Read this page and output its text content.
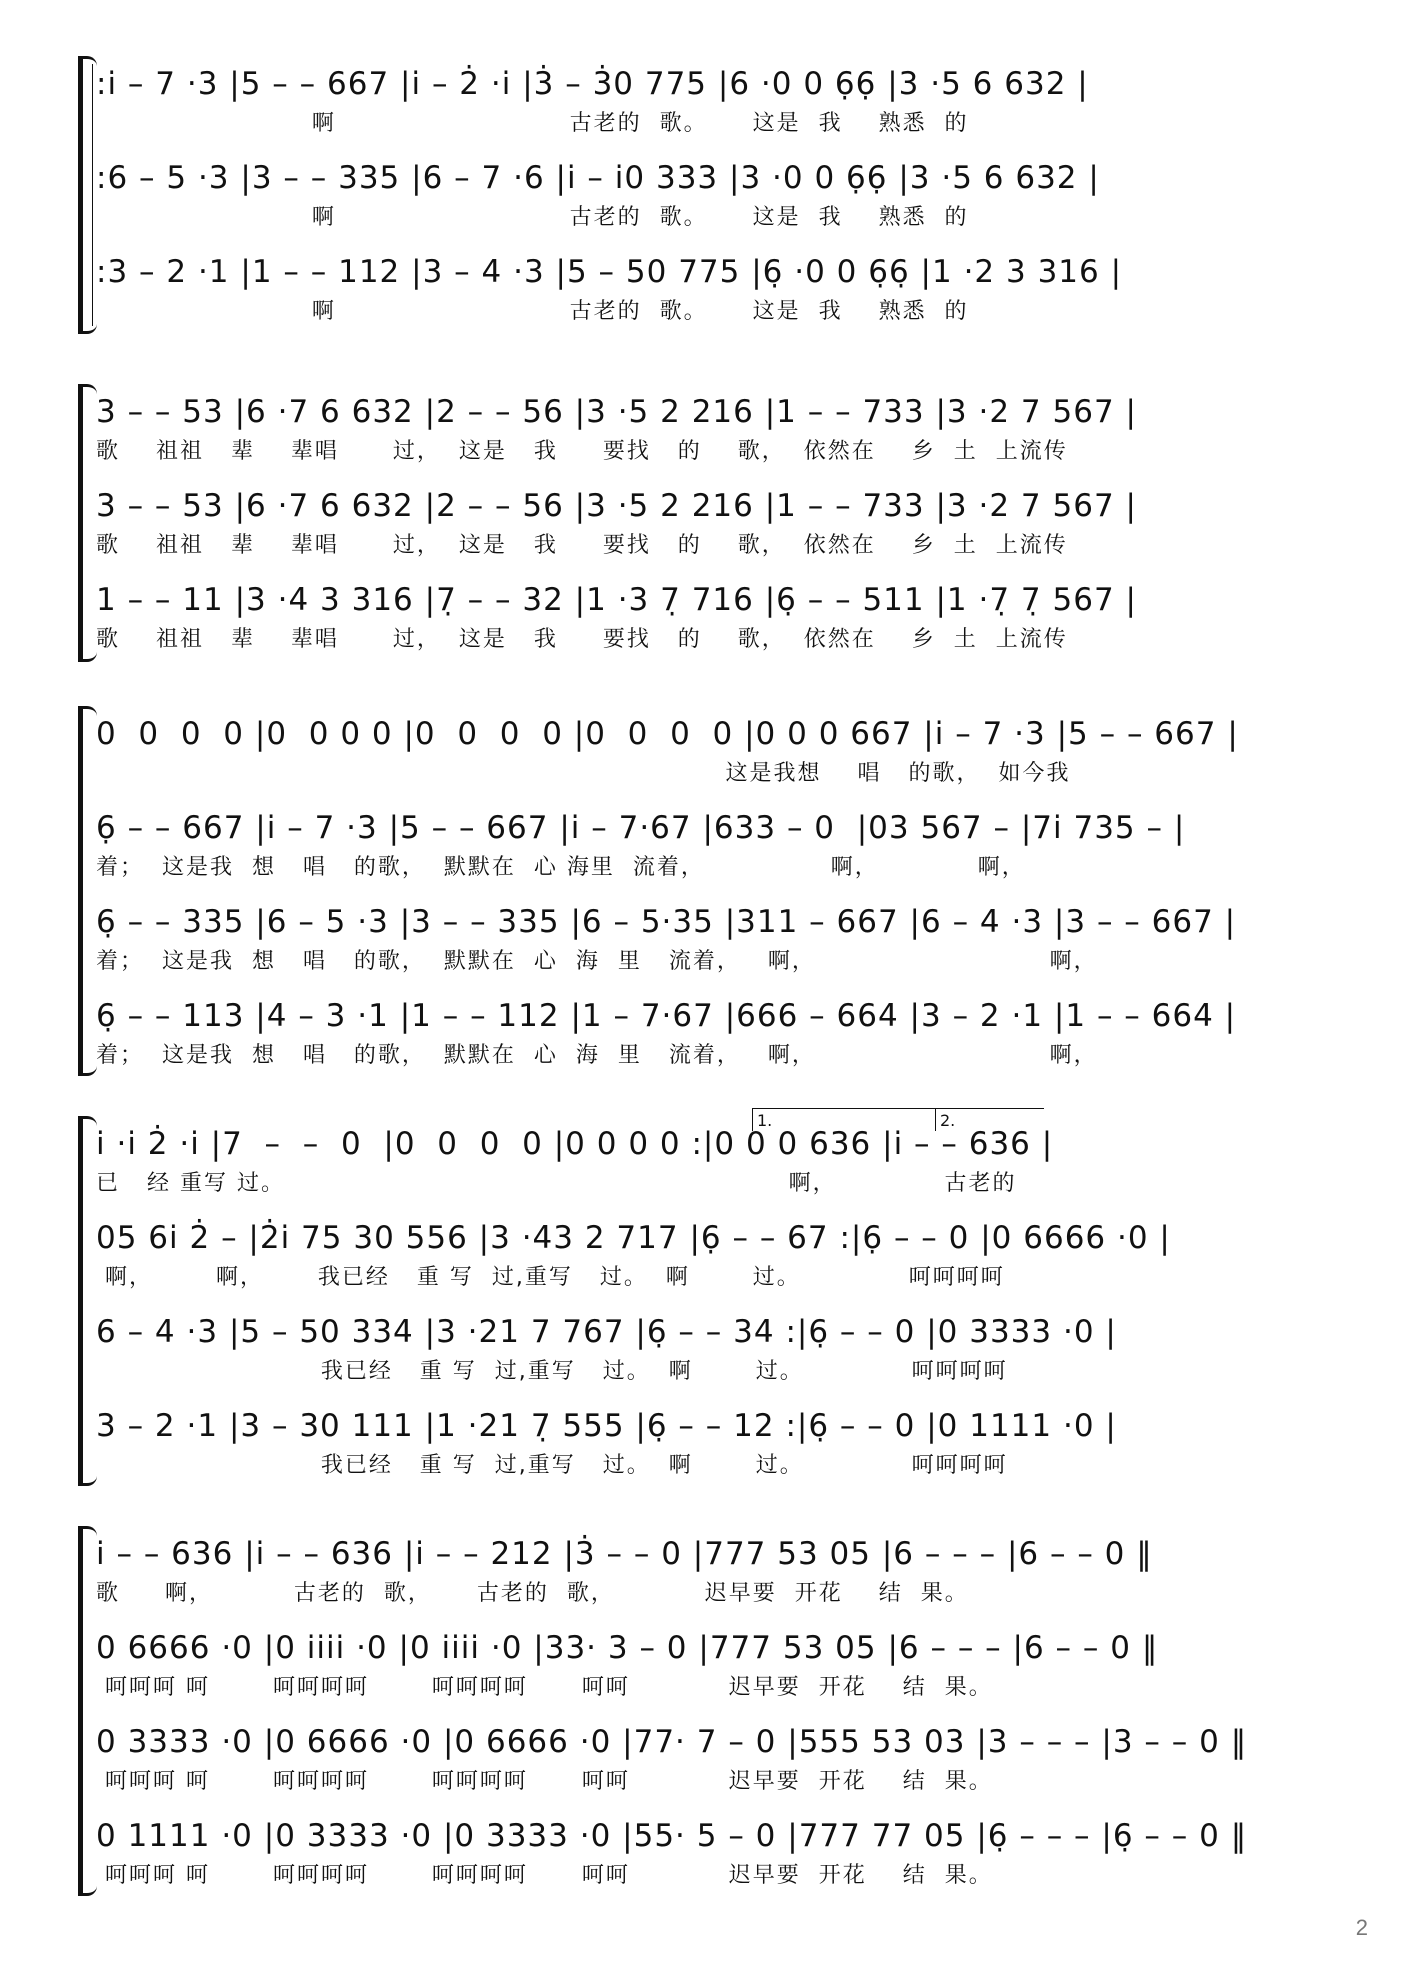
:i̇ – 7 ·3 |5 – – 667 |i̇ – 2̇ ·i̇ |3̇ – 3̇0 775 |6 ·0 0 6̣6̣ |3 ·5 6 632 |
啊                          古老的  歌。     这是  我    熟悉  的
:6 – 5 ·3 |3 – – 335 |6 – 7 ·6 |i̇ – i̇0 333 |3 ·0 0 6̣6̣ |3 ·5 6 632 |
啊                          古老的  歌。     这是  我    熟悉  的
:3 – 2 ·1 |1 – – 112 |3 – 4 ·3 |5 – 50 775 |6̣ ·0 0 6̣6̣ |1 ·2 3 316 |
啊                          古老的  歌。     这是  我    熟悉  的
3 – – 53 |6 ·7 6 632 |2 – – 56 |3 ·5 2 216 |1 – – 733 |3 ·2 7 567 |
歌    祖祖   辈    辈唱      过，  这是   我     要找   的    歌，  依然在    乡  土  上流传
3 – – 53 |6 ·7 6 632 |2 – – 56 |3 ·5 2 216 |1 – – 733 |3 ·2 7 567 |
歌    祖祖   辈    辈唱      过，  这是   我     要找   的    歌，  依然在    乡  土  上流传
1 – – 11 |3 ·4 3 316 |7̣ – – 32 |1 ·3 7̣ 716 |6̣ – – 511 |1 ·7̣ 7̣ 567 |
歌    祖祖   辈    辈唱      过，  这是   我     要找   的    歌，  依然在    乡  土  上流传
0  0  0  0 |0  0 0 0 |0  0  0  0 |0  0  0  0 |0 0 0 667 |i̇ – 7 ·3 |5 – – 667 |
这是我想    唱   的歌，  如今我
6̣ – – 667 |i̇ – 7 ·3 |5 – – 667 |i̇ – 7·67 |633 – 0  |03 567 – |7i̇ 735 – |
着；  这是我  想   唱   的歌，  默默在  心 海里  流着，              啊，           啊，
6̣ – – 335 |6 – 5 ·3 |3 – – 335 |6 – 5·35 |311 – 667 |6 – 4 ·3 |3 – – 667 |
着；  这是我  想   唱   的歌，  默默在  心  海  里   流着，   啊，                          啊，
6̣ – – 113 |4 – 3 ·1 |1 – – 112 |1 – 7·67 |666 – 664 |3 – 2 ·1 |1 – – 664 |
着；  这是我  想   唱   的歌，  默默在  心  海  里   流着，   啊，                          啊，
1.	2.
i̇ ·i̇ 2̇ ·i̇ |7  –  –  0  |0  0  0  0 |0 0 0 0 :|0 0 0 636 |i̇ – – 636 |
已   经 重写 过。                                                        啊，            古老的
05 6i̇ 2̇ – |2̇i̇ 75 30 556 |3 ·43 2 717 |6̣ – – 67 :|6̣ – – 0 |0 6666 ·0 |
啊，       啊，      我已经   重 写  过,重写   过。  啊       过。            呵呵呵呵
6 – 4 ·3 |5 – 50 334 |3 ·21 7 767 |6̣ – – 34 :|6̣ – – 0 |0 3333 ·0 |
我已经   重 写  过,重写   过。  啊       过。            呵呵呵呵
3 – 2 ·1 |3 – 30 111 |1 ·21 7̣ 555 |6̣ – – 12 :|6̣ – – 0 |0 1111 ·0 |
我已经   重 写  过,重写   过。  啊       过。            呵呵呵呵
i̇ – – 636 |i̇ – – 636 |i̇ – – 212 |3̇ – – 0 |777 53 05 |6 – – – |6 – – 0 ‖
歌     啊，         古老的  歌，     古老的  歌，          迟早要  开花    结  果。
0 6666 ·0 |0 i̇i̇i̇i̇ ·0 |0 i̇i̇i̇i̇ ·0 |33· 3 – 0 |777 53 05 |6 – – – |6 – – 0 ‖
呵呵呵 呵       呵呵呵呵       呵呵呵呵      呵呵           迟早要  开花    结  果。
0 3333 ·0 |0 6666 ·0 |0 6666 ·0 |77· 7 – 0 |555 53 03 |3 – – – |3 – – 0 ‖
呵呵呵 呵       呵呵呵呵       呵呵呵呵      呵呵           迟早要  开花    结  果。
0 1111 ·0 |0 3333 ·0 |0 3333 ·0 |55· 5 – 0 |777 77 05 |6̣ – – – |6̣ – – 0 ‖
呵呵呵 呵       呵呵呵呵       呵呵呵呵      呵呵           迟早要  开花    结  果。
2
